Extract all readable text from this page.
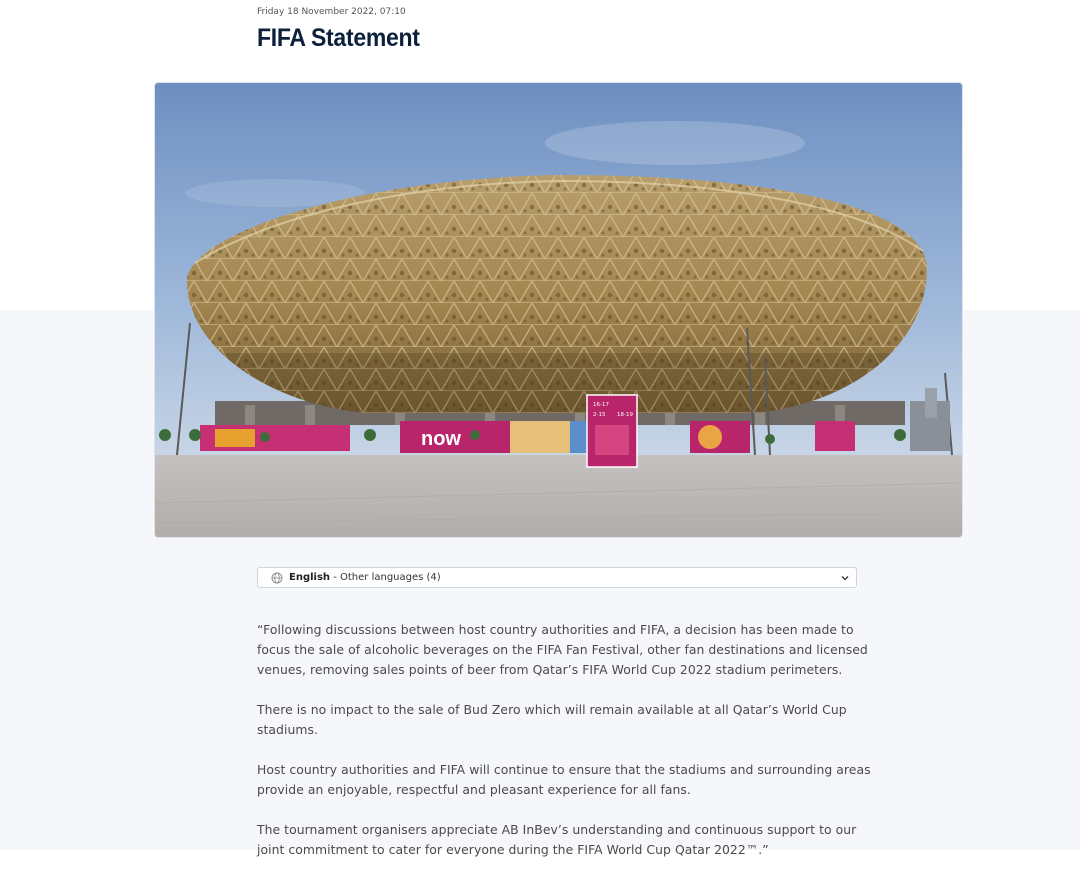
Friday 18 November 2022, 07:10
FIFA Statement
now
16-17
2-15 18-19
English - Other languages (4)

“Following discussions between host country authorities and FIFA, a decision has been made to focus the sale of alcoholic beverages on the FIFA Fan Festival, other fan destinations and licensed venues, removing sales points of beer from Qatar’s FIFA World Cup 2022 stadium perimeters.

There is no impact to the sale of Bud Zero which will remain available at all Qatar’s World Cup stadiums.

Host country authorities and FIFA will continue to ensure that the stadiums and surrounding areas provide an enjoyable, respectful and pleasant experience for all fans.

The tournament organisers appreciate AB InBev’s understanding and continuous support to our joint commitment to cater for everyone during the FIFA World Cup Qatar 2022™.”
